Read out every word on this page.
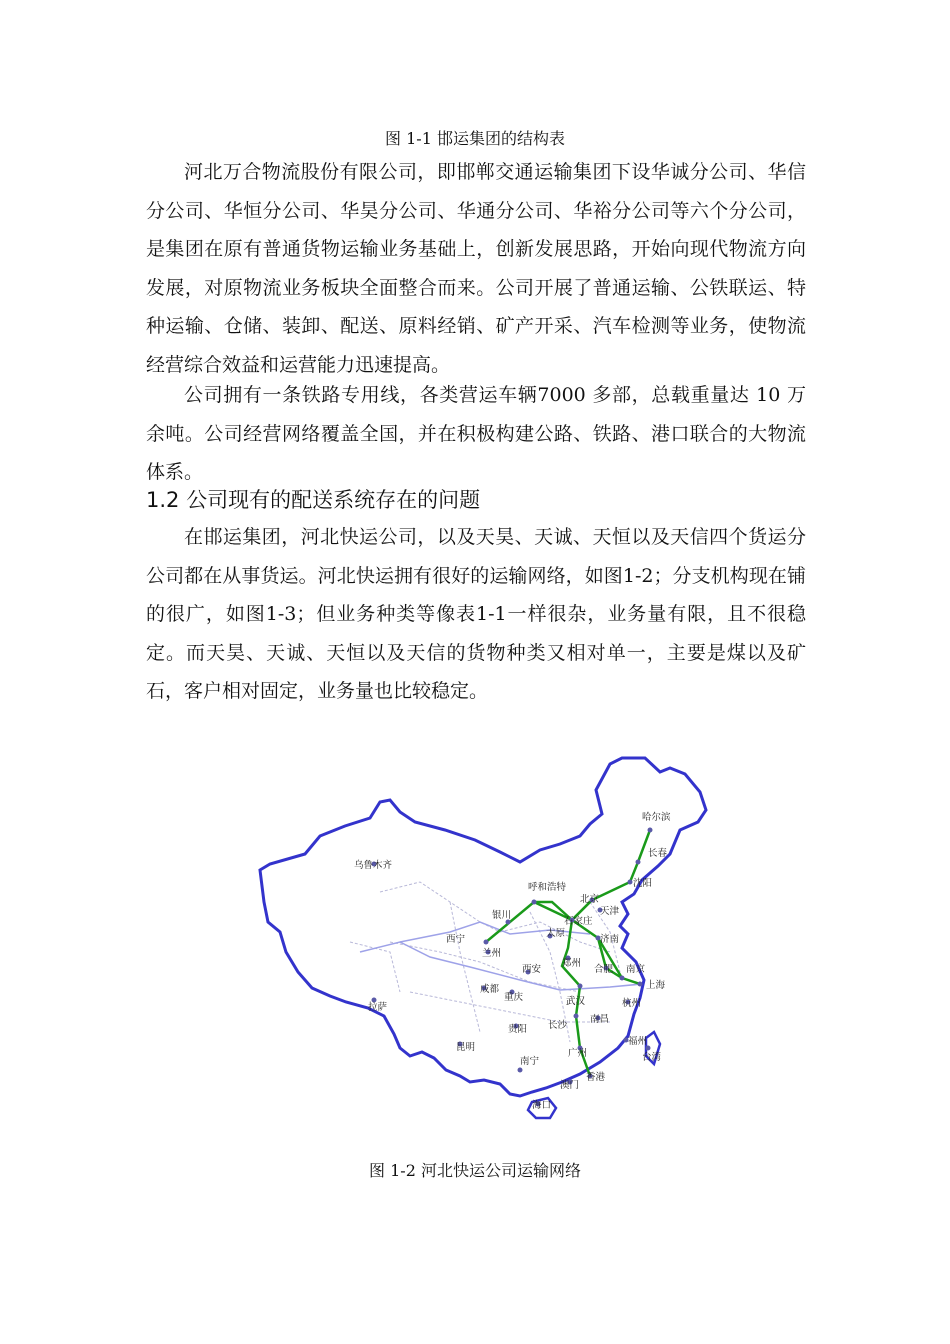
图 1-1 邯运集团的结构表

河北万合物流股份有限公司，即邯郸交通运输集团下设华诚分公司、华信分公司、华恒分公司、华昊分公司、华通分公司、华裕分公司等六个分公司，是集团在原有普通货物运输业务基础上，创新发展思路，开始向现代物流方向发展，对原物流业务板块全面整合而来。公司开展了普通运输、公铁联运、特种运输、仓储、装卸、配送、原料经销、矿产开采、汽车检测等业务，使物流经营综合效益和运营能力迅速提高。

公司拥有一条铁路专用线，各类营运车辆7000 多部，总载重量达 10 万余吨。公司经营网络覆盖全国，并在积极构建公路、铁路、港口联合的大物流体系。

1.2 公司现有的配送系统存在的问题

在邯运集团，河北快运公司，以及天昊、天诚、天恒以及天信四个货运分公司都在从事货运。河北快运拥有很好的运输网络，如图1-2；分支机构现在铺的很广，如图1-3；但业务种类等像表1-1一样很杂，业务量有限，且不很稳定。而天昊、天诚、天恒以及天信的货物种类又相对单一，主要是煤以及矿石，客户相对固定，业务量也比较稳定。

哈尔滨
长春
沈阳
乌鲁木齐
呼和浩特
北京
天津
石家庄
银川
太原
济南
西宁
兰州
西安
郑州
合肥 南京
上海
成都
武汉	杭州
拉萨
重庆
长沙
南昌
贵阳
福州
昆明
南宁
广州	台湾
澳门
香港
海口
图 1-2 河北快运公司运输网络
